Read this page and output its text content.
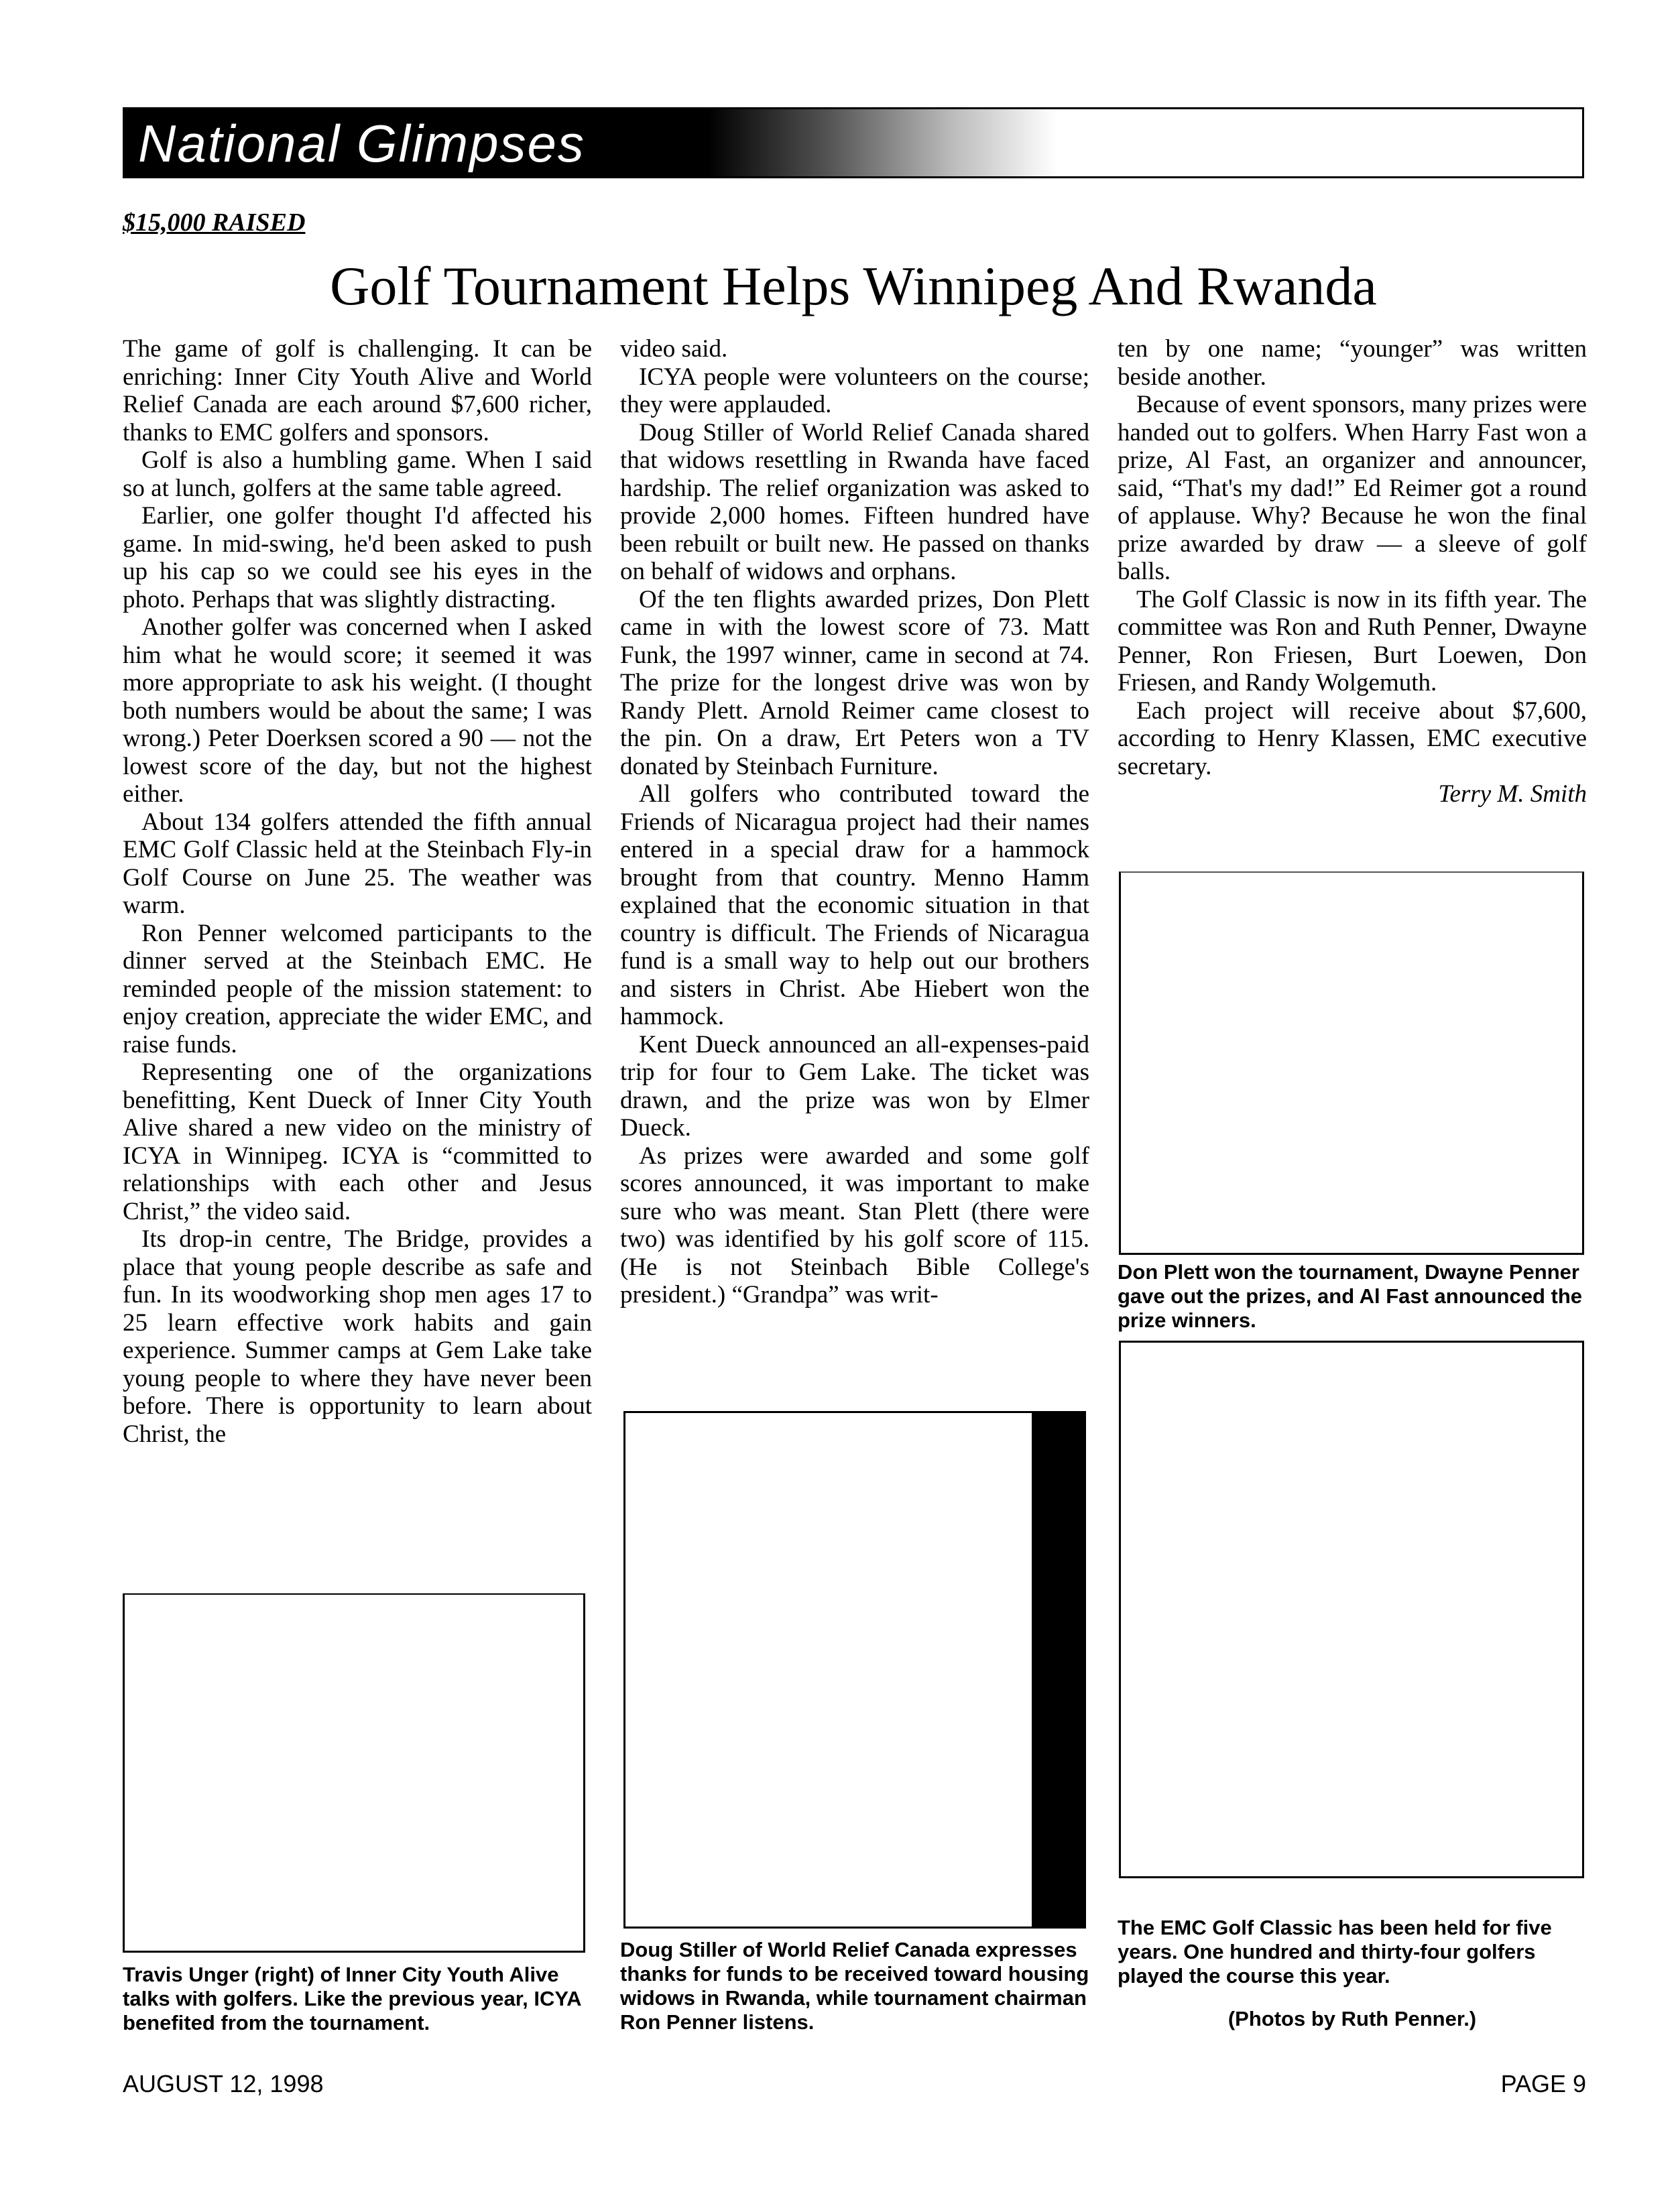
National Glimpses
$15,000 RAISED
Golf Tournament Helps Winnipeg And Rwanda

The game of golf is challenging. It can be enriching: Inner City Youth Alive and World Relief Canada are each around $7,600 richer, thanks to EMC golfers and sponsors.

Golf is also a humbling game. When I said so at lunch, golfers at the same table agreed.

Earlier, one golfer thought I'd affected his game. In mid-swing, he'd been asked to push up his cap so we could see his eyes in the photo. Perhaps that was slightly distracting.

Another golfer was concerned when I asked him what he would score; it seemed it was more appropriate to ask his weight. (I thought both numbers would be about the same; I was wrong.) Peter Doerksen scored a 90 — not the lowest score of the day, but not the highest either.

About 134 golfers attended the fifth annual EMC Golf Classic held at the Steinbach Fly-in Golf Course on June 25. The weather was warm.

Ron Penner welcomed participants to the dinner served at the Steinbach EMC. He reminded people of the mission statement: to enjoy creation, appreciate the wider EMC, and raise funds.

Representing one of the organizations benefitting, Kent Dueck of Inner City Youth Alive shared a new video on the ministry of ICYA in Winnipeg. ICYA is “committed to relationships with each other and Jesus Christ,” the video said.

Its drop-in centre, The Bridge, provides a place that young people describe as safe and fun. In its woodworking shop men ages 17 to 25 learn effective work habits and gain experience. Summer camps at Gem Lake take young people to where they have never been before. There is opportunity to learn about Christ, the

video said.

ICYA people were volunteers on the course; they were applauded.

Doug Stiller of World Relief Canada shared that widows resettling in Rwanda have faced hardship. The relief organization was asked to provide 2,000 homes. Fifteen hundred have been rebuilt or built new. He passed on thanks on behalf of widows and orphans.

Of the ten flights awarded prizes, Don Plett came in with the lowest score of 73. Matt Funk, the 1997 winner, came in second at 74. The prize for the longest drive was won by Randy Plett. Arnold Reimer came closest to the pin. On a draw, Ert Peters won a TV donated by Steinbach Furniture.

All golfers who contributed toward the Friends of Nicaragua project had their names entered in a special draw for a hammock brought from that country. Menno Hamm explained that the economic situation in that country is difficult. The Friends of Nicaragua fund is a small way to help out our brothers and sisters in Christ. Abe Hiebert won the hammock.

Kent Dueck announced an all-expenses-paid trip for four to Gem Lake. The ticket was drawn, and the prize was won by Elmer Dueck.

As prizes were awarded and some golf scores announced, it was important to make sure who was meant. Stan Plett (there were two) was identified by his golf score of 115. (He is not Steinbach Bible College's president.) “Grandpa” was writ-

ten by one name; “younger” was written beside another.

Because of event sponsors, many prizes were handed out to golfers. When Harry Fast won a prize, Al Fast, an organizer and announcer, said, “That's my dad!” Ed Reimer got a round of applause. Why? Because he won the final prize awarded by draw — a sleeve of golf balls.

The Golf Classic is now in its fifth year. The committee was Ron and Ruth Penner, Dwayne Penner, Ron Friesen, Burt Loewen, Don Friesen, and Randy Wolgemuth.

Each project will receive about $7,600, according to Henry Klassen, EMC executive secretary.

Terry M. Smith

Travis Unger (right) of Inner City Youth Alive talks with golfers. Like the previous year, ICYA benefited from the tournament.
Doug Stiller of World Relief Canada expresses thanks for funds to be received toward housing widows in Rwanda, while tournament chairman Ron Penner listens.
Don Plett won the tournament, Dwayne Penner gave out the prizes, and Al Fast announced the prize winners.
The EMC Golf Classic has been held for five years. One hundred and thirty-four golfers played the course this year.
(Photos by Ruth Penner.)
AUGUST 12, 1998	PAGE 9
